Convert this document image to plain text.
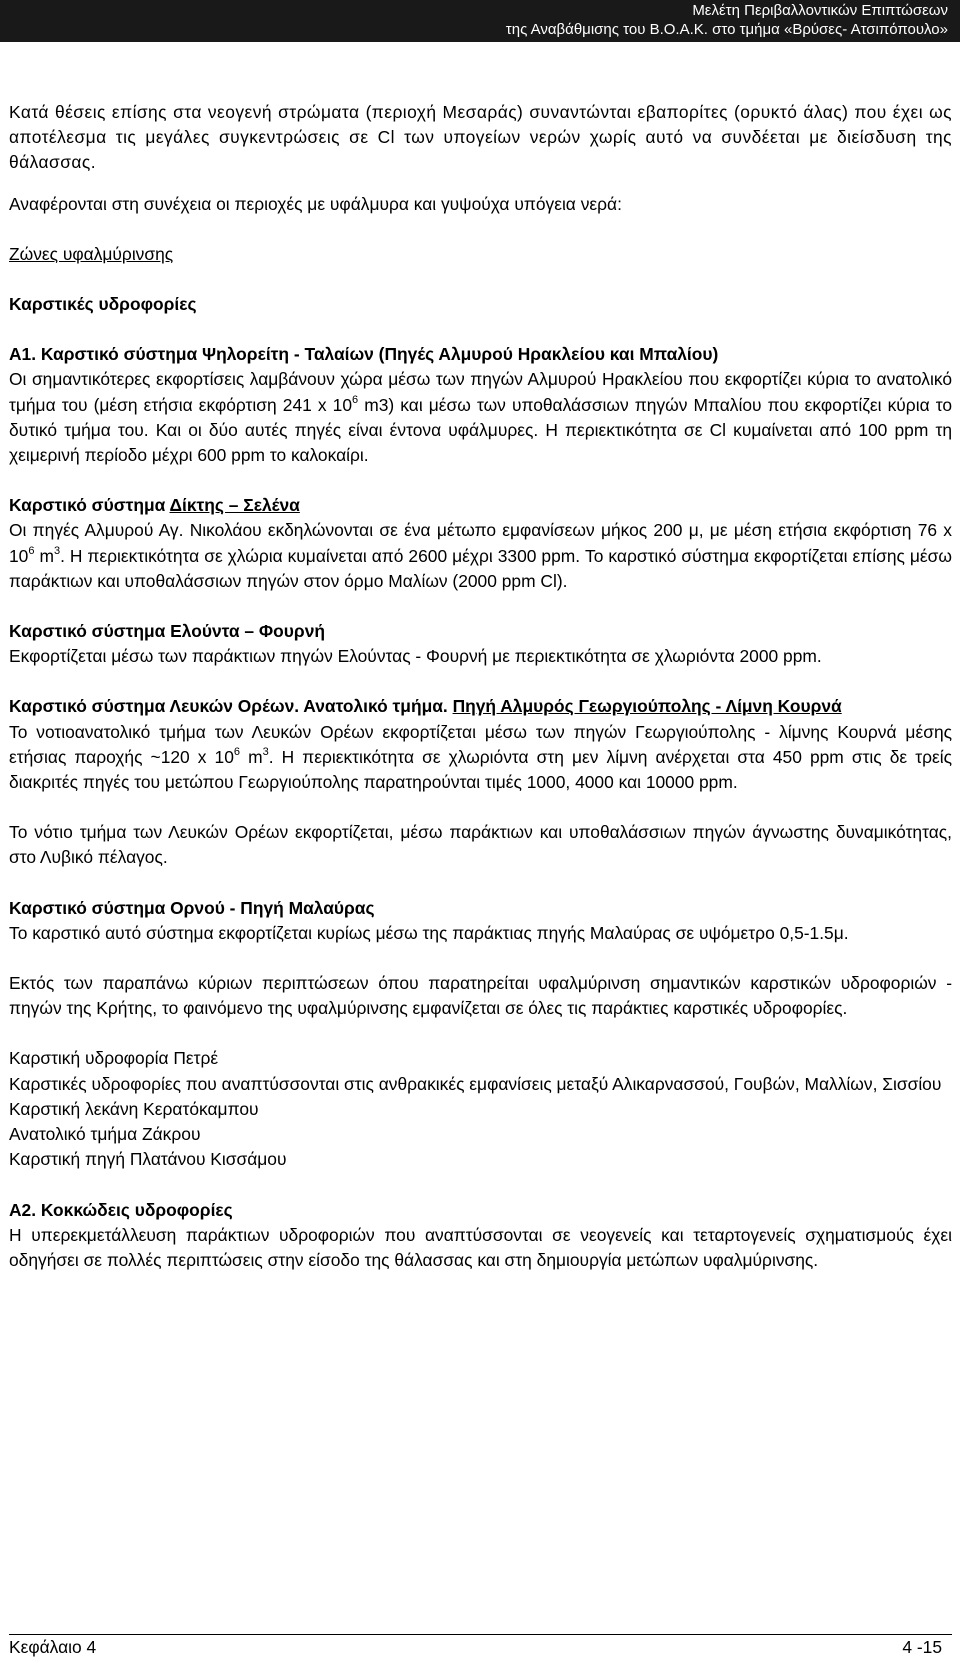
Μελέτη Περιβαλλοντικών Επιπτώσεων
της Αναβάθμισης του Β.Ο.Α.Κ. στο τμήμα «Βρύσες- Ατσιπόπουλο»

Κατά θέσεις επίσης στα νεογενή στρώματα (περιοχή Μεσαράς) συναντώνται εβαπορίτες (ορυκτό άλας) που έχει ως αποτέλεσμα τις μεγάλες συγκεντρώσεις σε Cl των υπογείων νερών χωρίς αυτό να συνδέεται με διείσδυση της θάλασσας.

Αναφέρονται στη συνέχεια οι περιοχές με υφάλμυρα και γυψούχα υπόγεια νερά:

Ζώνες υφαλμύρινσης

Καρστικές υδροφορίες

Α1. Καρστικό σύστημα Ψηλορείτη - Ταλαίων (Πηγές Αλμυρού Ηρακλείου και Μπαλίου)

Οι σημαντικότερες εκφορτίσεις λαμβάνουν χώρα μέσω των πηγών Αλμυρού Ηρακλείου που εκφορτίζει κύρια το ανατολικό τμήμα του (μέση ετήσια εκφόρτιση 241 x $10^6$ m3) και μέσω των υποθαλάσσιων πηγών Μπαλίου που εκφορτίζει κύρια το δυτικό τμήμα του. Και οι δύο αυτές πηγές είναι έντονα υφάλμυρες. Η περιεκτικότητα σε Cl κυμαίνεται από 100 ppm τη χειμερινή περίοδο μέχρι 600 ppm το καλοκαίρι.

Καρστικό σύστημα Δίκτης – Σελένα

Οι πηγές Αλμυρού Αγ. Νικολάου εκδηλώνονται σε ένα μέτωπο εμφανίσεων μήκος 200 μ, με μέση ετήσια εκφόρτιση 76 x $10^6$ $m^3$. Η περιεκτικότητα σε χλώρια κυμαίνεται από 2600 μέχρι 3300 ppm. Το καρστικό σύστημα εκφορτίζεται επίσης μέσω παράκτιων και υποθαλάσσιων πηγών στον όρμο Μαλίων (2000 ppm Cl).

Καρστικό σύστημα Ελούντα – Φουρνή

Εκφορτίζεται μέσω των παράκτιων πηγών Ελούντας - Φουρνή με περιεκτικότητα σε χλωριόντα 2000 ppm.

Καρστικό σύστημα Λευκών Ορέων. Ανατολικό τμήμα. Πηγή Αλμυρός Γεωργιούπολης - Λίμνη Κουρνά

Το νοτιοανατολικό τμήμα των Λευκών Ορέων εκφορτίζεται μέσω των πηγών Γεωργιούπολης - λίμνης Κουρνά μέσης ετήσιας παροχής ~120 x $10^6$ $m^3$. Η περιεκτικότητα σε χλωριόντα στη μεν λίμνη ανέρχεται στα 450 ppm στις δε τρείς διακριτές πηγές του μετώπου Γεωργιούπολης παρατηρούνται τιμές 1000, 4000 και 10000 ppm.

Το νότιο τμήμα των Λευκών Ορέων εκφορτίζεται, μέσω παράκτιων και υποθαλάσσιων πηγών άγνωστης δυναμικότητας, στο Λυβικό πέλαγος.

Καρστικό σύστημα Ορνού - Πηγή Μαλαύρας

Το καρστικό αυτό σύστημα εκφορτίζεται κυρίως μέσω της παράκτιας πηγής Μαλαύρας σε υψόμετρο 0,5-1.5μ.

Εκτός των παραπάνω κύριων περιπτώσεων όπου παρατηρείται υφαλμύρινση σημαντικών καρστικών υδροφοριών - πηγών της Κρήτης, το φαινόμενο της υφαλμύρινσης εμφανίζεται σε όλες τις παράκτιες καρστικές υδροφορίες.

Καρστική υδροφορία Πετρέ

Καρστικές υδροφορίες που αναπτύσσονται στις ανθρακικές εμφανίσεις μεταξύ Αλικαρνασσού, Γουβών, Μαλλίων, Σισσίου

Καρστική λεκάνη Κερατόκαμπου

Ανατολικό τμήμα Ζάκρου

Καρστική πηγή Πλατάνου Κισσάμου

Α2. Κοκκώδεις υδροφορίες

Η υπερεκμετάλλευση παράκτιων υδροφοριών που αναπτύσσονται σε νεογενείς και τεταρτογενείς σχηματισμούς έχει οδηγήσει σε πολλές περιπτώσεις στην είσοδο της θάλασσας και στη δημιουργία μετώπων υφαλμύρινσης.

Κεφάλαιο 4	4 -15
